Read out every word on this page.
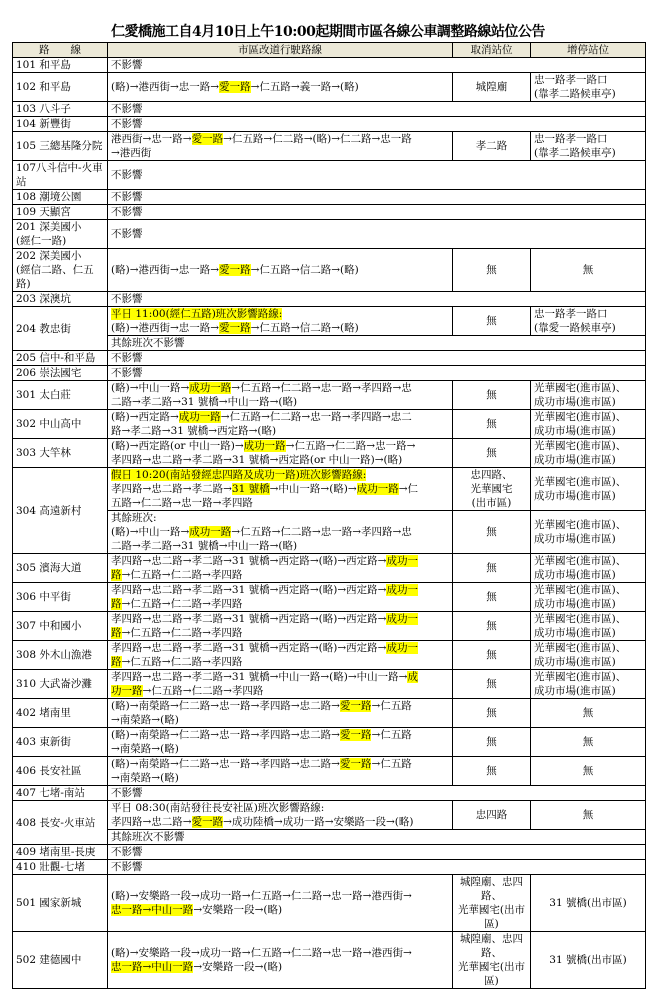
仁愛橋施工自4月10日上午10:00起期間市區各線公車調整路線站位公告
路　　線	市區改道行駛路線	取消站位	增停站位
101 和平島	不影響		
102 和平島	(略)→港西街→忠一路→愛一路→仁五路→義一路→(略)	城隍廟	忠一路孝一路口
(靠孝二路候車亭)
103 八斗子	不影響		
104 新豐街	不影響		
105 三總基隆分院	港西街→忠一路→愛一路→仁五路→仁二路→(略)→仁二路→忠一路
→港西街	孝二路	忠一路孝一路口
(靠孝二路候車亭)
107八斗信中-火車站	不影響		
108 潮境公園	不影響		
109 天顯宮	不影響		
201 深美國小
(經仁一路)	不影響		
202 深美國小
(經信二路、仁五路)	(略)→港西街→忠一路→愛一路→仁五路→信二路→(略)	無	無
203 深澳坑	不影響		
204 教忠街	平日 11:00(經仁五路)班次影響路線:
(略)→港西街→忠一路→愛一路→仁五路→信二路→(略)	無	忠一路孝一路口
(靠愛一路候車亭)
	其餘班次不影響		
205 信中-和平島	不影響		
206 崇法國宅	不影響		
301 太白莊	(略)→中山一路→成功一路→仁五路→仁二路→忠一路→孝四路→忠
二路→孝二路→31 號橋→中山一路→(略)	無	光華國宅(進市區)、
成功市場(進市區)
302 中山高中	(略)→西定路→成功一路→仁五路→仁二路→忠一路→孝四路→忠二
路→孝二路→31 號橋→西定路→(略)	無	光華國宅(進市區)、
成功市場(進市區)
303 大竿林	(略)→西定路(or 中山一路)→成功一路→仁五路→仁二路→忠一路→
孝四路→忠二路→孝二路→31 號橋→西定路(or 中山一路)→(略)	無	光華國宅(進市區)、
成功市場(進市區)
304 高遠新村	假日 10:20(南站發經忠四路及成功一路)班次影響路線:
孝四路→忠二路→孝二路→31 號橋→中山一路→(略)→成功一路→仁
五路→仁二路→忠一路→孝四路	忠四路、
光華國宅
(出市區)	光華國宅(進市區)、
成功市場(進市區)
	其餘班次:
(略)→中山一路→成功一路→仁五路→仁二路→忠一路→孝四路→忠
二路→孝二路→31 號橋→中山一路→(略)	無	光華國宅(進市區)、
成功市場(進市區)
305 濱海大道	孝四路→忠二路→孝二路→31 號橋→西定路→(略)→西定路→成功一
路→仁五路→仁二路→孝四路	無	光華國宅(進市區)、
成功市場(進市區)
306 中平街	孝四路→忠二路→孝二路→31 號橋→西定路→(略)→西定路→成功一
路→仁五路→仁二路→孝四路	無	光華國宅(進市區)、
成功市場(進市區)
307 中和國小	孝四路→忠二路→孝二路→31 號橋→西定路→(略)→西定路→成功一
路→仁五路→仁二路→孝四路	無	光華國宅(進市區)、
成功市場(進市區)
308 外木山漁港	孝四路→忠二路→孝二路→31 號橋→西定路→(略)→西定路→成功一
路→仁五路→仁二路→孝四路	無	光華國宅(進市區)、
成功市場(進市區)
310 大武崙沙灘	孝四路→忠二路→孝二路→31 號橋→中山一路→(略)→中山一路→成
功一路→仁五路→仁二路→孝四路	無	光華國宅(進市區)、
成功市場(進市區)
402 堵南里	(略)→南榮路→仁二路→忠一路→孝四路→忠二路→愛一路→仁五路
→南榮路→(略)	無	無
403 東新街	(略)→南榮路→仁二路→忠一路→孝四路→忠二路→愛一路→仁五路
→南榮路→(略)	無	無
406 長安社區	(略)→南榮路→仁二路→忠一路→孝四路→忠二路→愛一路→仁五路
→南榮路→(略)	無	無
407 七堵-南站	不影響		
408 長安-火車站	平日 08:30(南站發往長安社區)班次影響路線:
孝四路→忠二路→愛一路→成功陸橋→成功一路→安樂路一段→(略)	忠四路	無
	其餘班次不影響		
409 堵南里-長庚	不影響		
410 壯觀-七堵	不影響		
501 國家新城	(略)→安樂路一段→成功一路→仁五路→仁二路→忠一路→港西街→
忠一路→中山一路→安樂路一段→(略)	城隍廟、忠四路、
光華國宅(出市區)	31 號橋(出市區)
502 建德國中	(略)→安樂路一段→成功一路→仁五路→仁二路→忠一路→港西街→
忠一路→中山一路→安樂路一段→(略)	城隍廟、忠四路、
光華國宅(出市區)	31 號橋(出市區)
